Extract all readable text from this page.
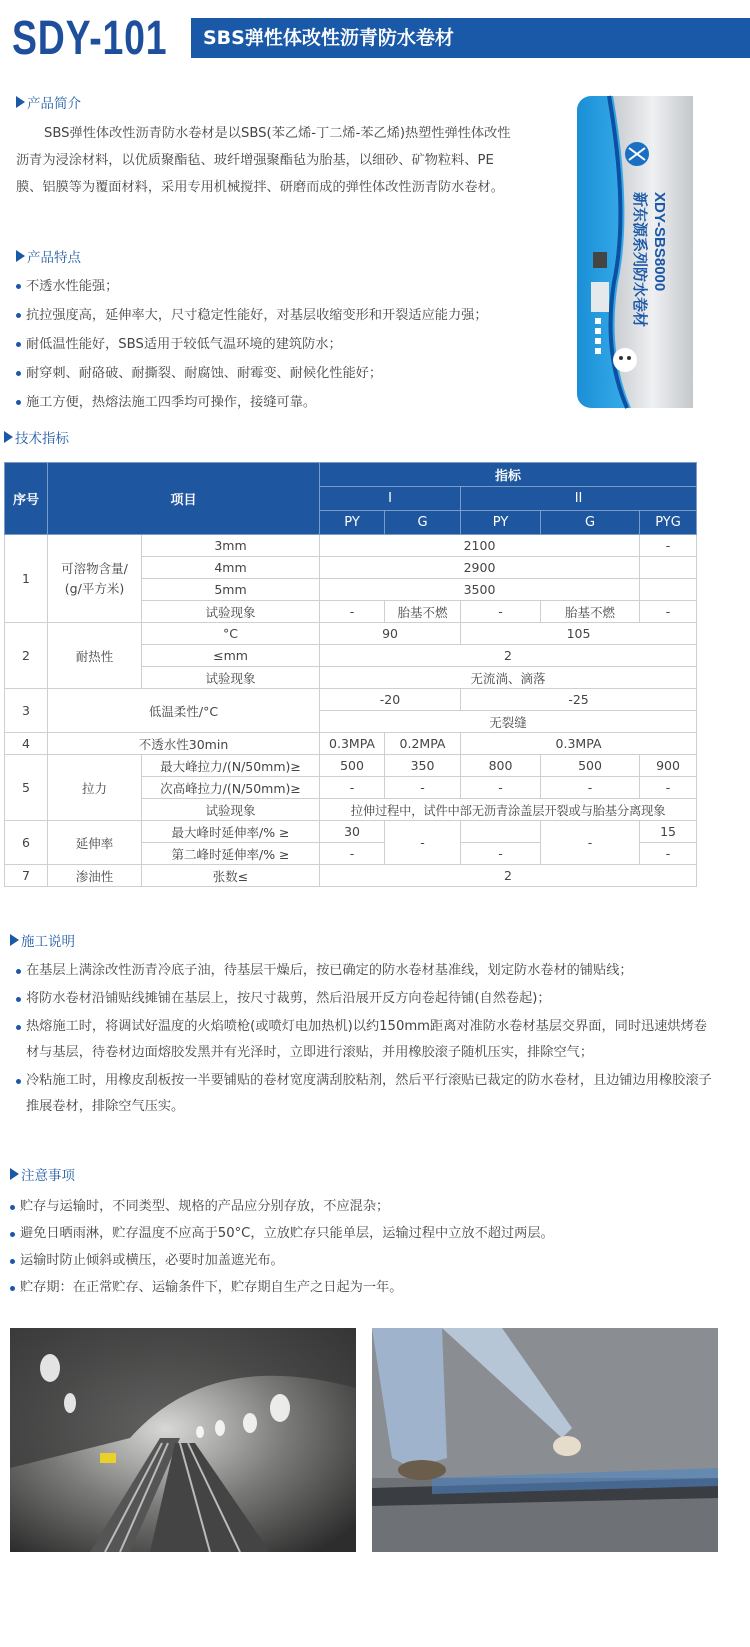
SDY-101 SBS弹性体改性沥青防水卷材
产品简介

SBS弹性体改性沥青防水卷材是以SBS(苯乙烯-丁二烯-苯乙烯)热塑性弹性体改性沥青为浸涂材料，以优质聚酯毡、玻纤增强聚酯毡为胎基，以细砂、矿物粒料、PE膜、铝膜等为覆面材料，采用专用机械搅拌、研磨而成的弹性体改性沥青防水卷材。

产品特点
不透水性能强；
抗拉强度高，延伸率大，尺寸稳定性能好，对基层收缩变形和开裂适应能力强；
耐低温性能好，SBS适用于较低气温环境的建筑防水；
耐穿刺、耐硌破、耐撕裂、耐腐蚀、耐霉变、耐候化性能好；
施工方便，热熔法施工四季均可操作，接缝可靠。
XDY-SBS8000
新东源系列防水卷材
技术指标
序号	项目		指标				
			I		II		
			PY	G	PY	G	PYG
1	可溶物含量/
(g/平方米)	3mm	2100				-
		4mm	2900				
		5mm	3500				
		试验现象	-	胎基不燃	-	胎基不燃	-
2	耐热性	°C	90		105		
		≤mm	2				
		试验现象	无流淌、滴落				
3	低温柔性/°C		-20		-25		
			无裂缝				
4	不透水性30min		0.3MPA	0.2MPA	0.3MPA		
5	拉力	最大峰拉力/(N/50mm)≥	500	350	800	500	900
		次高峰拉力/(N/50mm)≥	-	-	-	-	-
		试验现象	拉伸过程中，试件中部无沥青涂盖层开裂或与胎基分离现象				
6	延伸率	最大峰时延伸率/% ≥	30	-		-	15
		第二峰时延伸率/% ≥	-		-		-
7	渗油性	张数≤	2				
施工说明
在基层上满涂改性沥青冷底子油，待基层干燥后，按已确定的防水卷材基准线，划定防水卷材的铺贴线；
将防水卷材沿铺贴线摊铺在基层上，按尺寸裁剪，然后沿展开反方向卷起待铺(自然卷起)；
热熔施工时，将调试好温度的火焰喷枪(或喷灯电加热机)以约150mm距离对准防水卷材基层交界面，同时迅速烘烤卷材与基层，待卷材边面熔胶发黑并有光泽时，立即进行滚贴，并用橡胶滚子随机压实，排除空气；
冷粘施工时，用橡皮刮板按一半要铺贴的卷材宽度满刮胶粘剂，然后平行滚贴已裁定的防水卷材，且边铺边用橡胶滚子推展卷材，排除空气压实。
注意事项
贮存与运输时，不同类型、规格的产品应分别存放，不应混杂；
避免日晒雨淋，贮存温度不应高于50°C，立放贮存只能单层，运输过程中立放不超过两层。
运输时防止倾斜或横压，必要时加盖遮光布。
贮存期：在正常贮存、运输条件下，贮存期自生产之日起为一年。
